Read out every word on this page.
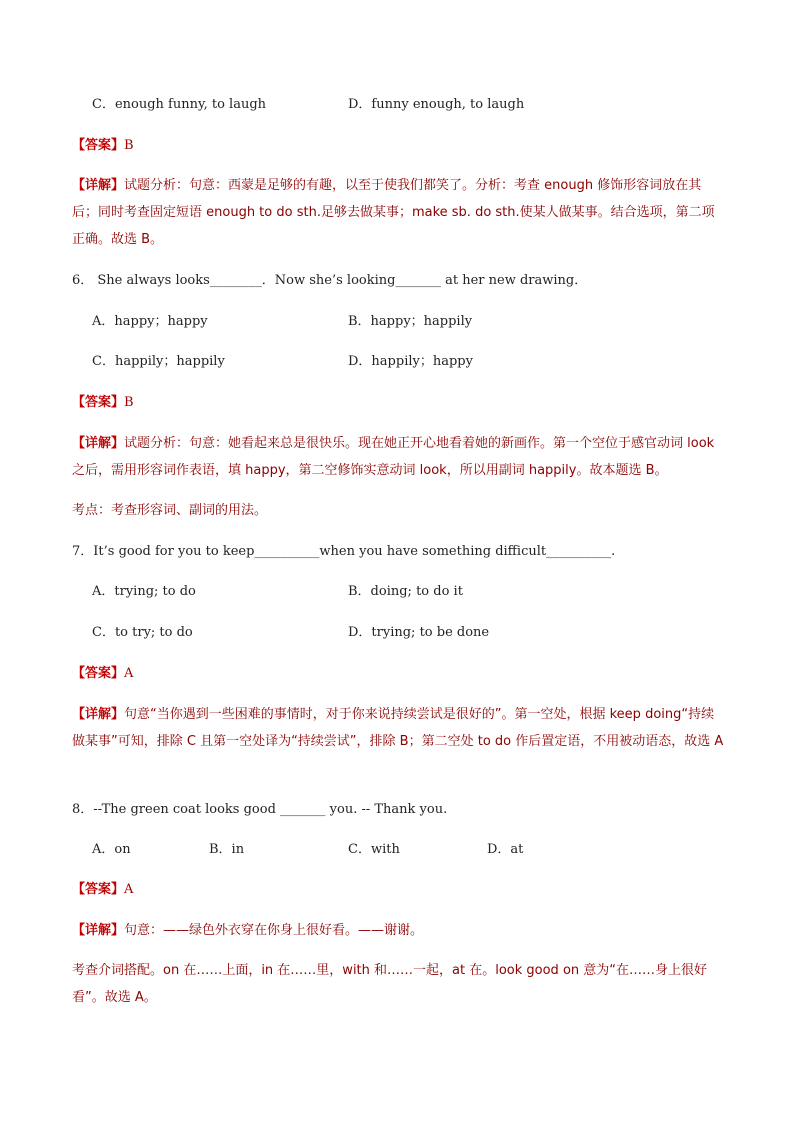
C．enough funny, to laugh	D．funny enough, to laugh
【答案】B
【详解】试题分析：句意：西蒙是足够的有趣，以至于使我们都笑了。分析：考查 enough 修饰形容词放在其后；同时考查固定短语 enough to do sth.足够去做某事；make sb. do sth.使某人做某事。结合选项，第二项正确。故选 B。
6． She always looks________．Now she’s looking_______ at her new drawing．
A．happy；happy	B．happy；happily
C．happily；happily	D．happily；happy
【答案】B
【详解】试题分析：句意：她看起来总是很快乐。现在她正开心地看着她的新画作。第一个空位于感官动词 look 之后，需用形容词作表语，填 happy，第二空修饰实意动词 look，所以用副词 happily。故本题选 B。
考点：考查形容词、副词的用法。
7．It’s good for you to keep__________when you have something difficult__________.
A．trying; to do	B．doing; to do it
C．to try; to do	D．trying; to be done
【答案】A
【详解】句意“当你遇到一些困难的事情时，对于你来说持续尝试是很好的”。第一空处，根据 keep doing“持续做某事”可知，排除 C 且第一空处译为“持续尝试”，排除 B；第二空处 to do 作后置定语，不用被动语态，故选 A
8．--The green coat looks good _______ you. -- Thank you.
A．on	B．in	C．with	D．at
【答案】A
【详解】句意：——绿色外衣穿在你身上很好看。——谢谢。
考查介词搭配。on 在……上面，in 在……里，with 和……一起，at 在。look good on 意为“在……身上很好看”。故选 A。
